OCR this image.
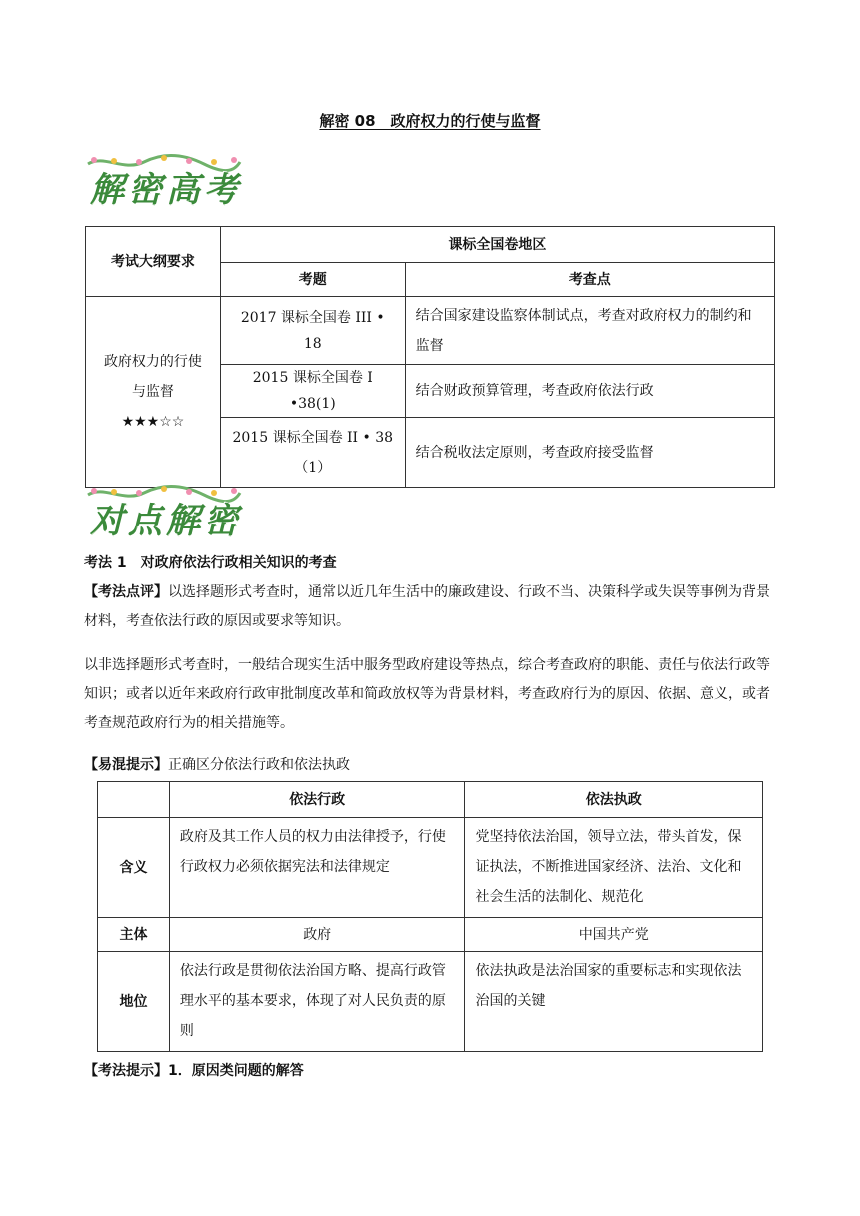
解密 08　政府权力的行使与监督
解密高考
考试大纲要求	课标全国卷地区	
	考题	考查点

政府权力的行使
与监督
★★★☆☆	2017 课标全国卷 III • 18	结合国家建设监察体制试点，考查对政府权力的制约和监督
	2015 课标全国卷 I •38(1)	结合财政预算管理，考查政府依法行政
	2015 课标全国卷 II • 38（1）	结合税收法定原则，考查政府接受监督
对点解密
考法 1　对政府依法行政相关知识的考查
【考法点评】以选择题形式考查时，通常以近几年生活中的廉政建设、行政不当、决策科学或失误等事例为背景材料，考查依法行政的原因或要求等知识。
以非选择题形式考查时，一般结合现实生活中服务型政府建设等热点，综合考查政府的职能、责任与依法行政等知识；或者以近年来政府行政审批制度改革和简政放权等为背景材料，考查政府行为的原因、依据、意义，或者考查规范政府行为的相关措施等。
【易混提示】正确区分依法行政和依法执政
	依法行政	依法执政
含义	政府及其工作人员的权力由法律授予，行使行政权力必须依据宪法和法律规定	党坚持依法治国，领导立法，带头首发，保证执法，不断推进国家经济、法治、文化和社会生活的法制化、规范化
主体	政府	中国共产党
地位	依法行政是贯彻依法治国方略、提高行政管理水平的基本要求，体现了对人民负责的原则	依法执政是法治国家的重要标志和实现依法治国的关键
【考法提示】1．原因类问题的解答
